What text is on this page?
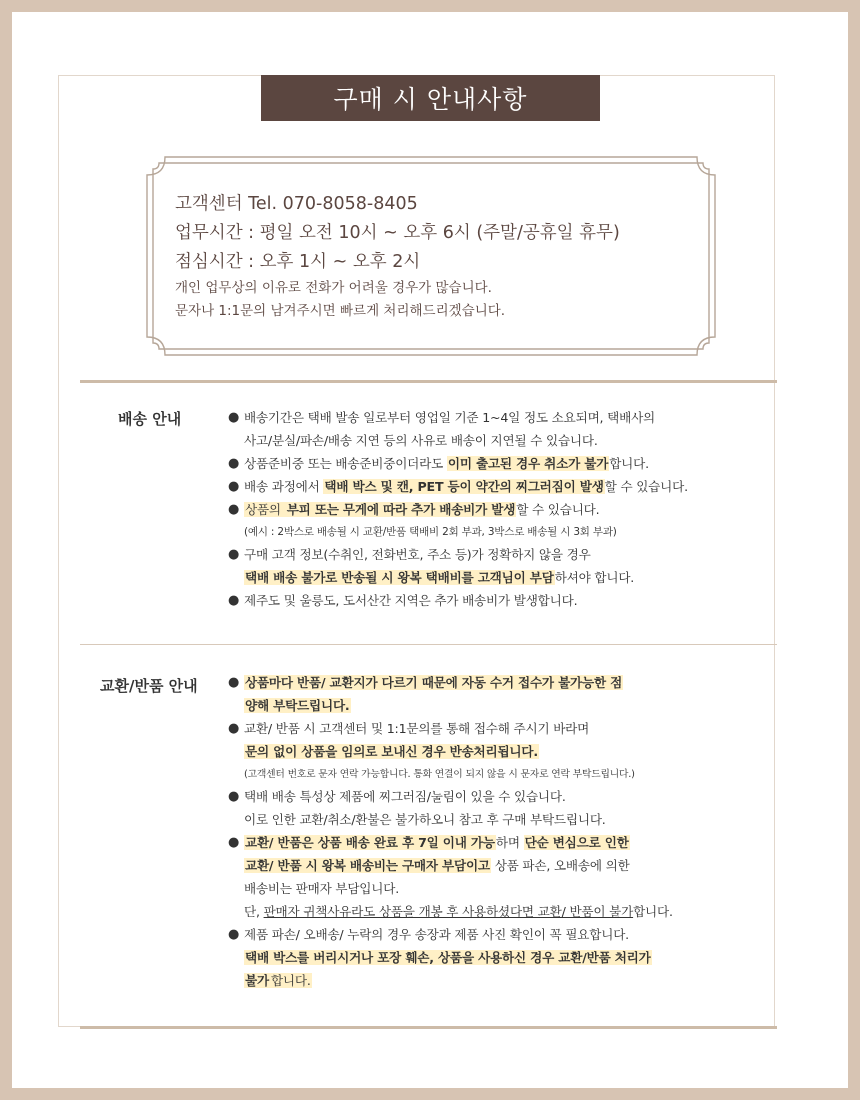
구매 시 안내사항
고객센터 Tel. 070-8058-8405
업무시간 : 평일 오전 10시 ~ 오후 6시 (주말/공휴일 휴무)
점심시간 : 오후 1시 ~ 오후 2시
개인 업무상의 이유로 전화가 어려울 경우가 많습니다.
문자나 1:1문의 남겨주시면 빠르게 처리해드리겠습니다.
배송 안내	● 배송기간은 택배 발송 일로부터 영업일 기준 1~4일 정도 소요되며, 택배사의
사고/분실/파손/배송 지연 등의 사유로 배송이 지연될 수 있습니다.
● 상품준비중 또는 배송준비중이더라도 이미 출고된 경우 취소가 불가합니다.
● 배송 과정에서 택배 박스 및 캔, PET 등이 약간의 찌그러짐이 발생할 수 있습니다.
● 상품의 부피 또는 무게에 따라 추가 배송비가 발생할 수 있습니다.
(예시 : 2박스로 배송될 시 교환/반품 택배비 2회 부과, 3박스로 배송될 시 3회 부과)
● 구매 고객 정보(수취인, 전화번호, 주소 등)가 정확하지 않을 경우
택배 배송 불가로 반송될 시 왕복 택배비를 고객님이 부담하셔야 합니다.
● 제주도 및 울릉도, 도서산간 지역은 추가 배송비가 발생합니다.
교환/반품 안내 ● 상품마다 반품/ 교환지가 다르기 때문에 자동 수거 접수가 불가능한 점
양해 부탁드립니다.
● 교환/ 반품 시 고객센터 및 1:1문의를 통해 접수해 주시기 바라며
문의 없이 상품을 임의로 보내신 경우 반송처리됩니다.
(고객센터 번호로 문자 연락 가능합니다. 통화 연결이 되지 않을 시 문자로 연락 부탁드립니다.)
● 택배 배송 특성상 제품에 찌그러짐/눌림이 있을 수 있습니다.
이로 인한 교환/취소/환불은 불가하오니 참고 후 구매 부탁드립니다.
● 교환/ 반품은 상품 배송 완료 후 7일 이내 가능하며 단순 변심으로 인한
교환/ 반품 시 왕복 배송비는 구매자 부담이고 상품 파손, 오배송에 의한
배송비는 판매자 부담입니다.
단, 판매자 귀책사유라도 상품을 개봉 후 사용하셨다면 교환/ 반품이 불가합니다.
● 제품 파손/ 오배송/ 누락의 경우 송장과 제품 사진 확인이 꼭 필요합니다.
택배 박스를 버리시거나 포장 훼손, 상품을 사용하신 경우 교환/반품 처리가
불가 합니다.
